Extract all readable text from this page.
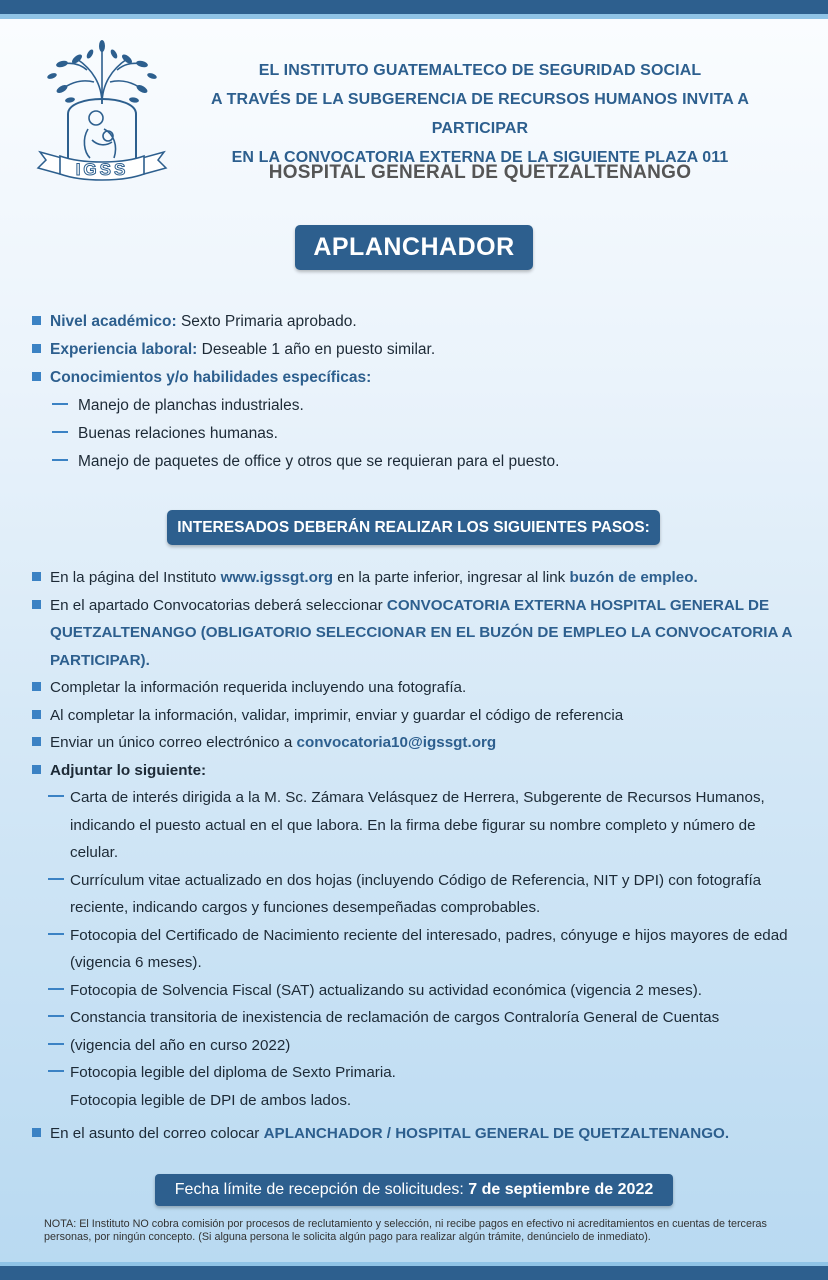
IGSS
EL INSTITUTO GUATEMALTECO DE SEGURIDAD SOCIAL
A TRAVÉS DE LA SUBGERENCIA DE RECURSOS HUMANOS INVITA A PARTICIPAR
EN LA CONVOCATORIA EXTERNA DE LA SIGUIENTE PLAZA 011
HOSPITAL GENERAL DE QUETZALTENANGO
APLANCHADOR
Nivel académico:
Sexto Primaria aprobado.
Experiencia laboral:
Deseable 1 año en puesto similar.
Conocimientos y/o habilidades específicas:
Manejo de planchas industriales.
Buenas relaciones humanas.
Manejo de paquetes de office y otros que se requieran para el puesto.
INTERESADOS DEBERÁN REALIZAR LOS SIGUIENTES PASOS:
En la página del Instituto www.igssgt.org en la parte inferior, ingresar al link buzón de empleo.
En el apartado Convocatorias deberá seleccionar CONVOCATORIA EXTERNA HOSPITAL GENERAL DE QUETZALTENANGO (OBLIGATORIO SELECCIONAR EN EL BUZÓN DE EMPLEO LA CONVOCATORIA A PARTICIPAR).
Completar la información requerida incluyendo una fotografía.
Al completar la información, validar, imprimir, enviar y guardar el código de referencia
Enviar un único correo electrónico a convocatoria10@igssgt.org
Adjuntar lo siguiente:
Carta de interés dirigida a la M. Sc. Zámara Velásquez de Herrera, Subgerente de Recursos Humanos, indicando el puesto actual en el que labora. En la firma debe figurar su nombre completo y número de celular.
Currículum vitae actualizado en dos hojas (incluyendo Código de Referencia, NIT y DPI) con fotografía reciente, indicando cargos y funciones desempeñadas comprobables.
Fotocopia del Certificado de Nacimiento reciente del interesado, padres, cónyuge e hijos mayores de edad (vigencia 6 meses).
Fotocopia de Solvencia Fiscal (SAT) actualizando su actividad económica (vigencia 2 meses).
Constancia transitoria de inexistencia de reclamación de cargos Contraloría General de Cuentas
(vigencia del año en curso 2022)
Fotocopia legible del diploma de Sexto Primaria.
Fotocopia legible de DPI de ambos lados.
En el asunto del correo colocar APLANCHADOR / HOSPITAL GENERAL DE QUETZALTENANGO.
Fecha límite de recepción de solicitudes: 7 de septiembre de 2022
NOTA: El Instituto NO cobra comisión por procesos de reclutamiento y selección, ni recibe pagos en efectivo ni acreditamientos en cuentas de terceras personas, por ningún concepto. (Si alguna persona le solicita algún pago para realizar algún trámite, denúncielo de inmediato).
